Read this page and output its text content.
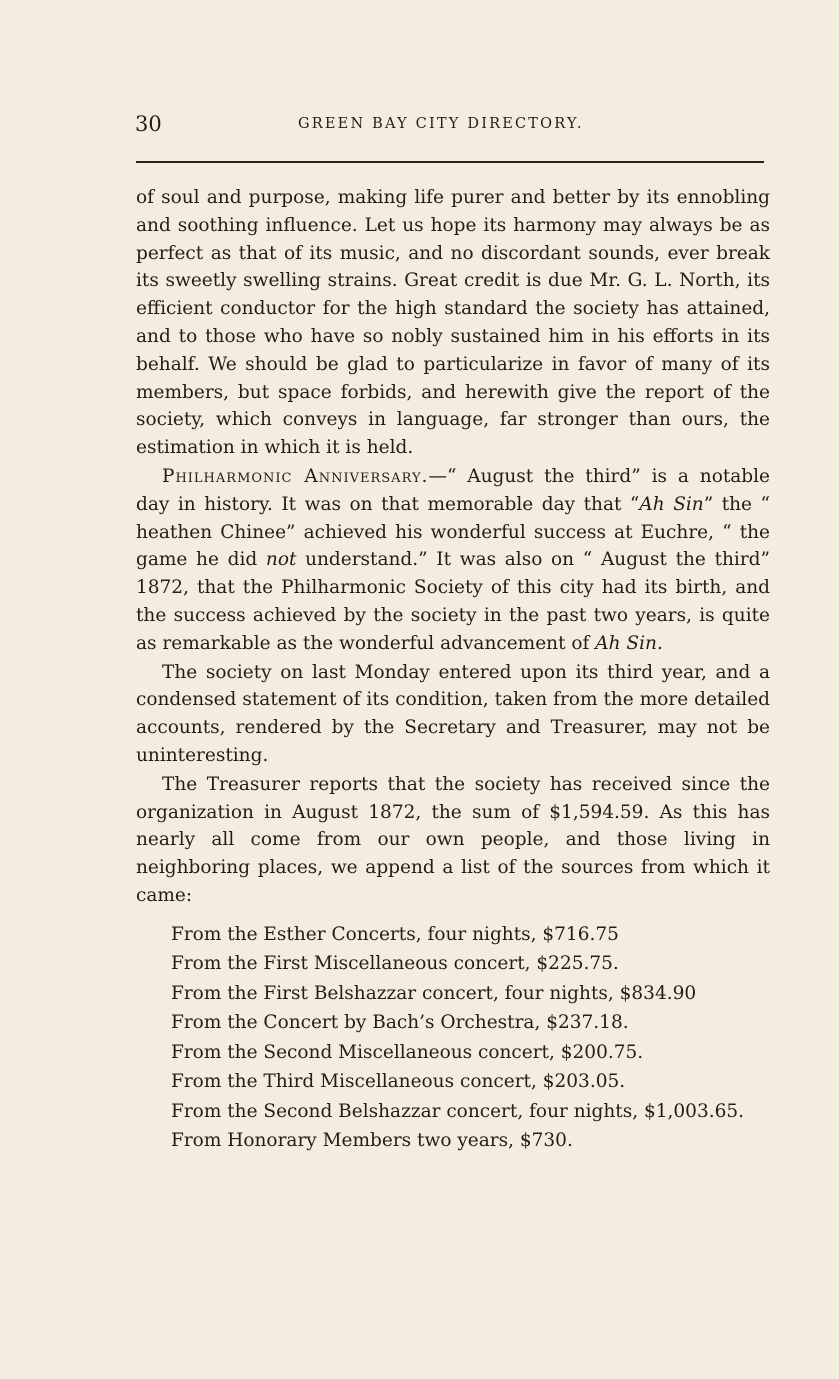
30	GREEN BAY CITY DIRECTORY.

of soul and purpose, making life purer and better by its ennobling and soothing influence. Let us hope its harmony may always be as perfect as that of its music, and no discordant sounds, ever break its sweetly swelling strains. Great credit is due Mr. G. L. North, its efficient conductor for the high standard the society has attained, and to those who have so nobly sustained him in his efforts in its behalf. We should be glad to particularize in favor of many of its members, but space forbids, and herewith give the report of the society, which conveys in language, far stronger than ours, the estimation in which it is held.

Philharmonic Anniversary.—“ August the third” is a notable day in history. It was on that memorable day that “Ah Sin” the “ heathen Chinee” achieved his wonderful success at Euchre, “ the game he did not understand.” It was also on “ August the third” 1872, that the Philharmonic Society of this city had its birth, and the success achieved by the society in the past two years, is quite as remarkable as the wonderful advancement of Ah Sin.

The society on last Monday entered upon its third year, and a condensed statement of its condition, taken from the more detailed accounts, rendered by the Secretary and Treasurer, may not be uninteresting.

The Treasurer reports that the society has received since the organization in August 1872, the sum of $1,594.59. As this has nearly all come from our own people, and those living in neighboring places, we append a list of the sources from which it came:

From the Esther Concerts, four nights, $716.75
From the First Miscellaneous concert, $225.75.
From the First Belshazzar concert, four nights, $834.90
From the Concert by Bach’s Orchestra, $237.18.
From the Second Miscellaneous concert, $200.75.
From the Third Miscellaneous concert, $203.05.
From the Second Belshazzar concert, four nights, $1,003.65.
From Honorary Members two years, $730.
